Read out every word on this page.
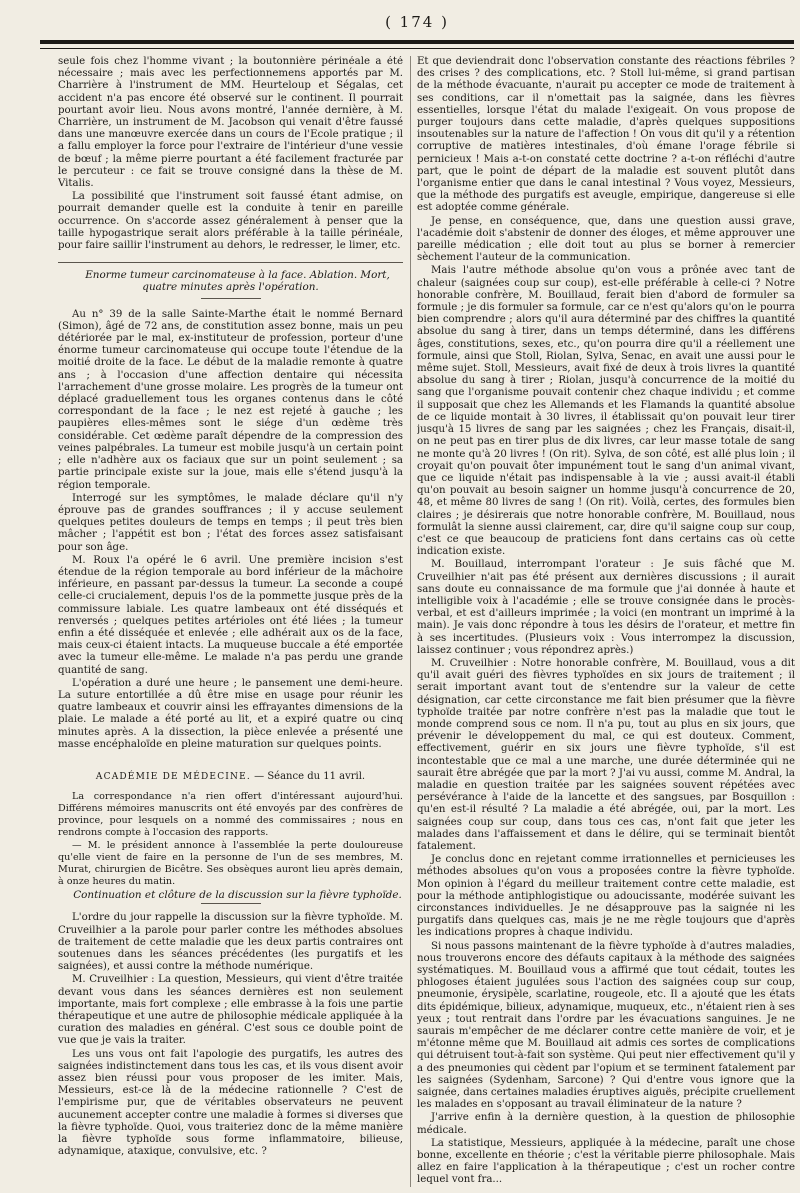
( 174 )

seule fois chez l'homme vivant ; la boutonnière périnéale a été nécessaire ; mais avec les perfectionnemens apportés par M. Charrière à l'instrument de MM. Heurteloup et Ségalas, cet accident n'a pas encore été observé sur le continent. Il pourrait pourtant avoir lieu. Nous avons montré, l'année dernière, à M. Charrière, un instrument de M. Jacobson qui venait d'être faussé dans une manœuvre exercée dans un cours de l'Ecole pratique ; il a fallu employer la force pour l'extraire de l'intérieur d'une vessie de bœuf ; la même pierre pourtant a été facilement fracturée par le percuteur : ce fait se trouve consigné dans la thèse de M. Vitalis.

La possibilité que l'instrument soit faussé étant admise, on pourrait demander quelle est la conduite à tenir en pareille occurrence. On s'accorde assez généralement à penser que la taille hypogastrique serait alors préférable à la taille périnéale, pour faire saillir l'instrument au dehors, le redresser, le limer, etc.

Enorme tumeur carcinomateuse à la face. Ablation. Mort, quatre minutes après l'opération.

Au n° 39 de la salle Sainte-Marthe était le nommé Bernard (Simon), âgé de 72 ans, de constitution assez bonne, mais un peu détériorée par le mal, ex-instituteur de profession, porteur d'une énorme tumeur carcinomateuse qui occupe toute l'étendue de la moitié droite de la face. Le début de la maladie remonte à quatre ans ; à l'occasion d'une affection dentaire qui nécessita l'arrachement d'une grosse molaire. Les progrès de la tumeur ont déplacé graduellement tous les organes contenus dans le côté correspondant de la face ; le nez est rejeté à gauche ; les paupières elles-mêmes sont le siége d'un œdème très considérable. Cet œdème paraît dépendre de la compression des veines palpébrales. La tumeur est mobile jusqu'à un certain point ; elle n'adhère aux os faciaux que sur un point seulement ; sa partie principale existe sur la joue, mais elle s'étend jusqu'à la région temporale.

Interrogé sur les symptômes, le malade déclare qu'il n'y éprouve pas de grandes souffrances ; il y accuse seulement quelques petites douleurs de temps en temps ; il peut très bien mâcher ; l'appétit est bon ; l'état des forces assez satisfaisant pour son âge.

M. Roux l'a opéré le 6 avril. Une première incision s'est étendue de la région temporale au bord inférieur de la mâchoire inférieure, en passant par-dessus la tumeur. La seconde a coupé celle-ci crucialement, depuis l'os de la pommette jusque près de la commissure labiale. Les quatre lambeaux ont été disséqués et renversés ; quelques petites artérioles ont été liées ; la tumeur enfin a été disséquée et enlevée ; elle adhérait aux os de la face, mais ceux-ci étaient intacts. La muqueuse buccale a été emportée avec la tumeur elle-même. Le malade n'a pas perdu une grande quantité de sang.

L'opération a duré une heure ; le pansement une demi-heure. La suture entortillée a dû être mise en usage pour réunir les quatre lambeaux et couvrir ainsi les effrayantes dimensions de la plaie. Le malade a été porté au lit, et a expiré quatre ou cinq minutes après. A la dissection, la pièce enlevée a présenté une masse encéphaloïde en pleine maturation sur quelques points.

ACADÉMIE DE MÉDECINE. — Séance du 11 avril.

La correspondance n'a rien offert d'intéressant aujourd'hui. Différens mémoires manuscrits ont été envoyés par des confrères de province, pour lesquels on a nommé des commissaires ; nous en rendrons compte à l'occasion des rapports.

— M. le président annonce à l'assemblée la perte douloureuse qu'elle vient de faire en la personne de l'un de ses membres, M. Murat, chirurgien de Bicêtre. Ses obsèques auront lieu après demain, à onze heures du matin.

Continuation et clôture de la discussion sur la fièvre typhoïde.

L'ordre du jour rappelle la discussion sur la fièvre typhoïde. M. Cruveilhier a la parole pour parler contre les méthodes absolues de traitement de cette maladie que les deux partis contraires ont soutenues dans les séances précédentes (les purgatifs et les saignées), et aussi contre la méthode numérique.

M. Cruveilhier : La question, Messieurs, qui vient d'être traitée devant vous dans les séances dernières est non seulement importante, mais fort complexe ; elle embrasse à la fois une partie thérapeutique et une autre de philosophie médicale appliquée à la curation des maladies en général. C'est sous ce double point de vue que je vais la traiter.

Les uns vous ont fait l'apologie des purgatifs, les autres des saignées indistinctement dans tous les cas, et ils vous disent avoir assez bien réussi pour vous proposer de les imiter. Mais, Messieurs, est-ce là de la médecine rationnelle ? C'est de l'empirisme pur, que de véritables observateurs ne peuvent aucunement accepter contre une maladie à formes si diverses que la fièvre typhoïde. Quoi, vous traiteriez donc de la même manière la fièvre typhoïde sous forme inflammatoire, bilieuse, adynamique, ataxique, convulsive, etc. ?

Et que deviendrait donc l'observation constante des réactions fébriles ? des crises ? des complications, etc. ? Stoll lui-même, si grand partisan de la méthode évacuante, n'aurait pu accepter ce mode de traitement à ses conditions, car il n'omettait pas la saignée, dans les fièvres essentielles, lorsque l'état du malade l'exigeait. On vous propose de purger toujours dans cette maladie, d'après quelques suppositions insoutenables sur la nature de l'affection ! On vous dit qu'il y a rétention corruptive de matières intestinales, d'où émane l'orage fébrile si pernicieux ! Mais a-t-on constaté cette doctrine ? a-t-on réfléchi d'autre part, que le point de départ de la maladie est souvent plutôt dans l'organisme entier que dans le canal intestinal ? Vous voyez, Messieurs, que la méthode des purgatifs est aveugle, empirique, dangereuse si elle est adoptée comme générale.

Je pense, en conséquence, que, dans une question aussi grave, l'académie doit s'abstenir de donner des éloges, et même approuver une pareille médication ; elle doit tout au plus se borner à remercier sèchement l'auteur de la communication.

Mais l'autre méthode absolue qu'on vous a prônée avec tant de chaleur (saignées coup sur coup), est-elle préférable à celle-ci ? Notre honorable confrère, M. Bouillaud, ferait bien d'abord de formuler sa formule ; je dis formuler sa formule, car ce n'est qu'alors qu'on le pourra bien comprendre ; alors qu'il aura déterminé par des chiffres la quantité absolue du sang à tirer, dans un temps déterminé, dans les différens âges, constitutions, sexes, etc., qu'on pourra dire qu'il a réellement une formule, ainsi que Stoll, Riolan, Sylva, Senac, en avait une aussi pour le même sujet. Stoll, Messieurs, avait fixé de deux à trois livres la quantité absolue du sang à tirer ; Riolan, jusqu'à concurrence de la moitié du sang que l'organisme pouvait contenir chez chaque individu ; et comme il supposait que chez les Allemands et les Flamands la quantité absolue de ce liquide montait à 30 livres, il établissait qu'on pouvait leur tirer jusqu'à 15 livres de sang par les saignées ; chez les Français, disait-il, on ne peut pas en tirer plus de dix livres, car leur masse totale de sang ne monte qu'à 20 livres ! (On rit). Sylva, de son côté, est allé plus loin ; il croyait qu'on pouvait ôter impunément tout le sang d'un animal vivant, que ce liquide n'était pas indispensable à la vie ; aussi avait-il établi qu'on pouvait au besoin saigner un homme jusqu'à concurrence de 20, 48, et même 80 livres de sang ! (On rit). Voilà, certes, des formules bien claires ; je désirerais que notre honorable confrère, M. Bouillaud, nous formulât la sienne aussi clairement, car, dire qu'il saigne coup sur coup, c'est ce que beaucoup de praticiens font dans certains cas où cette indication existe.

M. Bouillaud, interrompant l'orateur : Je suis fâché que M. Cruveilhier n'ait pas été présent aux dernières discussions ; il aurait sans doute eu connaissance de ma formule que j'ai donnée à haute et intelligible voix à l'académie ; elle se trouve consignée dans le procès-verbal, et est d'ailleurs imprimée ; la voici (en montrant un imprimé à la main). Je vais donc répondre à tous les désirs de l'orateur, et mettre fin à ses incertitudes. (Plusieurs voix : Vous interrompez la discussion, laissez continuer ; vous répondrez après.)

M. Cruveilhier : Notre honorable confrère, M. Bouillaud, vous a dit qu'il avait guéri des fièvres typhoïdes en six jours de traitement ; il serait important avant tout de s'entendre sur la valeur de cette désignation, car cette circonstance me fait bien présumer que la fièvre typhoïde traitée par notre confrère n'est pas la maladie que tout le monde comprend sous ce nom. Il n'a pu, tout au plus en six jours, que prévenir le développement du mal, ce qui est douteux. Comment, effectivement, guérir en six jours une fièvre typhoïde, s'il est incontestable que ce mal a une marche, une durée déterminée qui ne saurait être abrégée que par la mort ? J'ai vu aussi, comme M. Andral, la maladie en question traitée par les saignées souvent répétées avec persévérance à l'aide de la lancette et des sangsues, par Bosquillon : qu'en est-il résulté ? La maladie a été abrégée, oui, par la mort. Les saignées coup sur coup, dans tous ces cas, n'ont fait que jeter les malades dans l'affaissement et dans le délire, qui se terminait bientôt fatalement.

Je conclus donc en rejetant comme irrationnelles et pernicieuses les méthodes absolues qu'on vous a proposées contre la fièvre typhoïde. Mon opinion à l'égard du meilleur traitement contre cette maladie, est pour la méthode antiphlogistique ou adoucissante, modérée suivant les circonstances individuelles. Je ne désapprouve pas la saignée ni les purgatifs dans quelques cas, mais je ne me règle toujours que d'après les indications propres à chaque individu.

Si nous passons maintenant de la fièvre typhoïde à d'autres maladies, nous trouverons encore des défauts capitaux à la méthode des saignées systématiques. M. Bouillaud vous a affirmé que tout cédait, toutes les phlogoses étaient jugulées sous l'action des saignées coup sur coup, pneumonie, érysipèle, scarlatine, rougeole, etc. Il a ajouté que les états dits épidémique, bilieux, adynamique, muqueux, etc., n'étaient rien à ses yeux ; tout rentrait dans l'ordre par les évacuations sanguines. Je ne saurais m'empêcher de me déclarer contre cette manière de voir, et je m'étonne même que M. Bouillaud ait admis ces sortes de complications qui détruisent tout-à-fait son système. Qui peut nier effectivement qu'il y a des pneumonies qui cèdent par l'opium et se terminent fatalement par les saignées (Sydenham, Sarcone) ? Qui d'entre vous ignore que la saignée, dans certaines maladies éruptives aiguës, précipite cruellement les malades en s'opposant au travail éliminateur de la nature ?

J'arrive enfin à la dernière question, à la question de philosophie médicale.

La statistique, Messieurs, appliquée à la médecine, paraît une chose bonne, excellente en théorie ; c'est la véritable pierre philosophale. Mais allez en faire l'application à la thérapeutique ; c'est un rocher contre lequel vont fra...
